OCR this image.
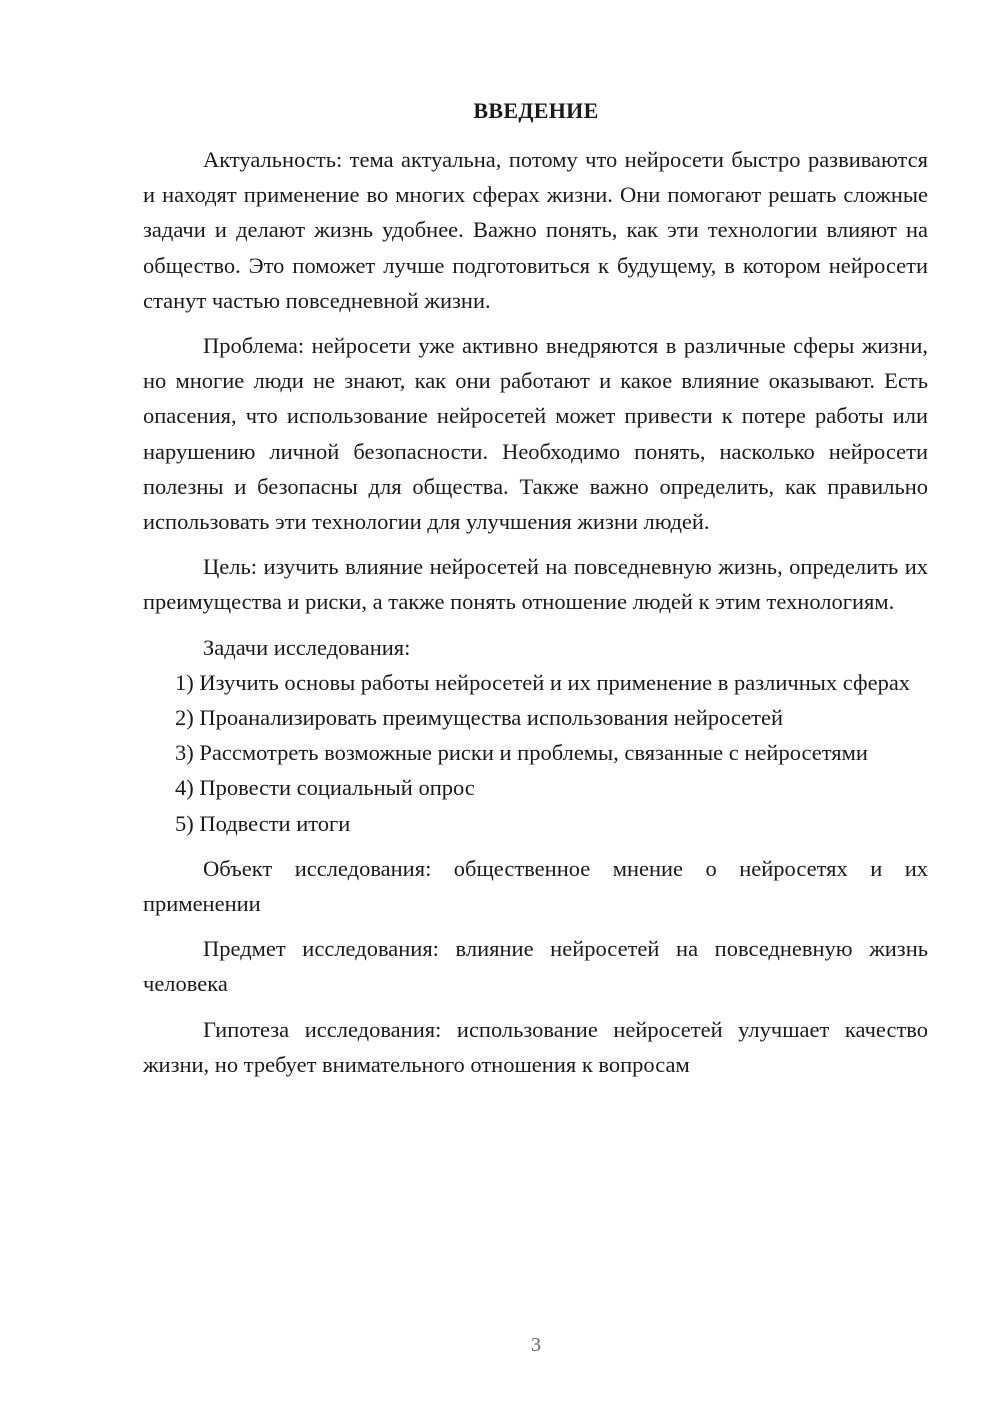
ВВЕДЕНИЕ

Актуальность: тема актуальна, потому что нейросети быстро развиваются и находят применение во многих сферах жизни. Они помогают решать сложные задачи и делают жизнь удобнее. Важно понять, как эти технологии влияют на общество. Это поможет лучше подготовиться к будущему, в котором нейросети станут частью повседневной жизни.

Проблема: нейросети уже активно внедряются в различные сферы жизни, но многие люди не знают, как они работают и какое влияние оказывают. Есть опасения, что использование нейросетей может привести к потере работы или нарушению личной безопасности. Необходимо понять, насколько нейросети полезны и безопасны для общества. Также важно определить, как правильно использовать эти технологии для улучшения жизни людей.

Цель: изучить влияние нейросетей на повседневную жизнь, определить их преимущества и риски, а также понять отношение людей к этим технологиям.

Задачи исследования:

1) Изучить основы работы нейросетей и их применение в различных сферах

2) Проанализировать преимущества использования нейросетей

3) Рассмотреть возможные риски и проблемы, связанные с нейросетями

4) Провести социальный опрос

5) Подвести итоги

Объект исследования: общественное мнение о нейросетях и их применении

Предмет исследования: влияние нейросетей на повседневную жизнь человека

Гипотеза исследования: использование нейросетей улучшает качество жизни, но требует внимательного отношения к вопросам

3
